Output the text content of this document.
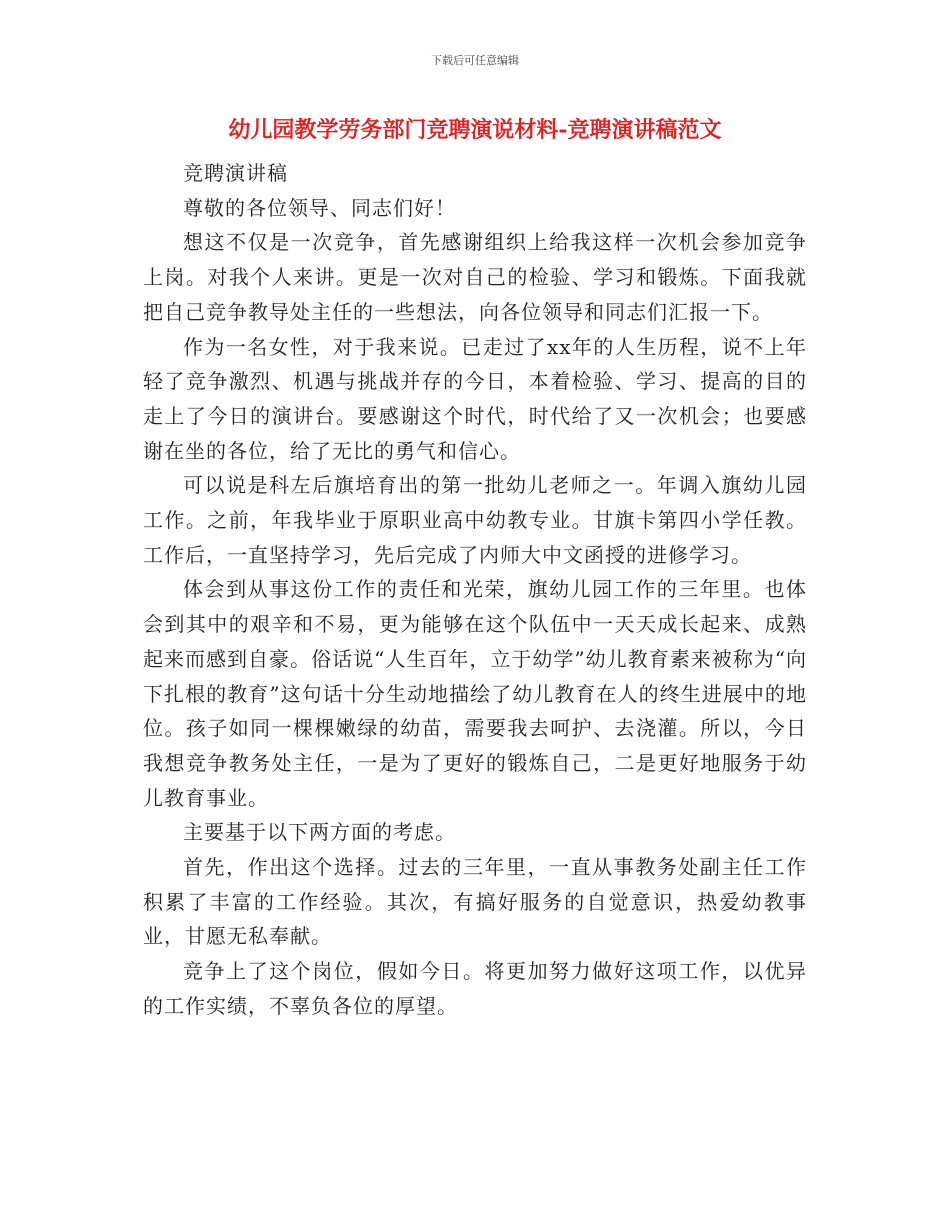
下载后可任意编辑
幼儿园教学劳务部门竞聘演说材料-竞聘演讲稿范文

竞聘演讲稿

尊敬的各位领导、同志们好！

想这不仅是一次竞争，首先感谢组织上给我这样一次机会参加竞争上岗。对我个人来讲。更是一次对自己的检验、学习和锻炼。下面我就把自己竞争教导处主任的一些想法，向各位领导和同志们汇报一下。

作为一名女性，对于我来说。已走过了xx年的人生历程，说不上年轻了竞争激烈、机遇与挑战并存的今日，本着检验、学习、提高的目的走上了今日的演讲台。要感谢这个时代，时代给了又一次机会；也要感谢在坐的各位，给了无比的勇气和信心。

可以说是科左后旗培育出的第一批幼儿老师之一。年调入旗幼儿园工作。之前，年我毕业于原职业高中幼教专业。甘旗卡第四小学任教。工作后，一直坚持学习，先后完成了内师大中文函授的进修学习。

体会到从事这份工作的责任和光荣，旗幼儿园工作的三年里。也体会到其中的艰辛和不易，更为能够在这个队伍中一天天成长起来、成熟起来而感到自豪。俗话说“人生百年，立于幼学”幼儿教育素来被称为“向下扎根的教育”这句话十分生动地描绘了幼儿教育在人的终生进展中的地位。孩子如同一棵棵嫩绿的幼苗，需要我去呵护、去浇灌。所以，今日我想竞争教务处主任，一是为了更好的锻炼自己，二是更好地服务于幼儿教育事业。

主要基于以下两方面的考虑。

首先，作出这个选择。过去的三年里，一直从事教务处副主任工作 积累了丰富的工作经验。其次，有搞好服务的自觉意识，热爱幼教事业，甘愿无私奉献。

竞争上了这个岗位，假如今日。将更加努力做好这项工作，以优异的工作实绩，不辜负各位的厚望。
